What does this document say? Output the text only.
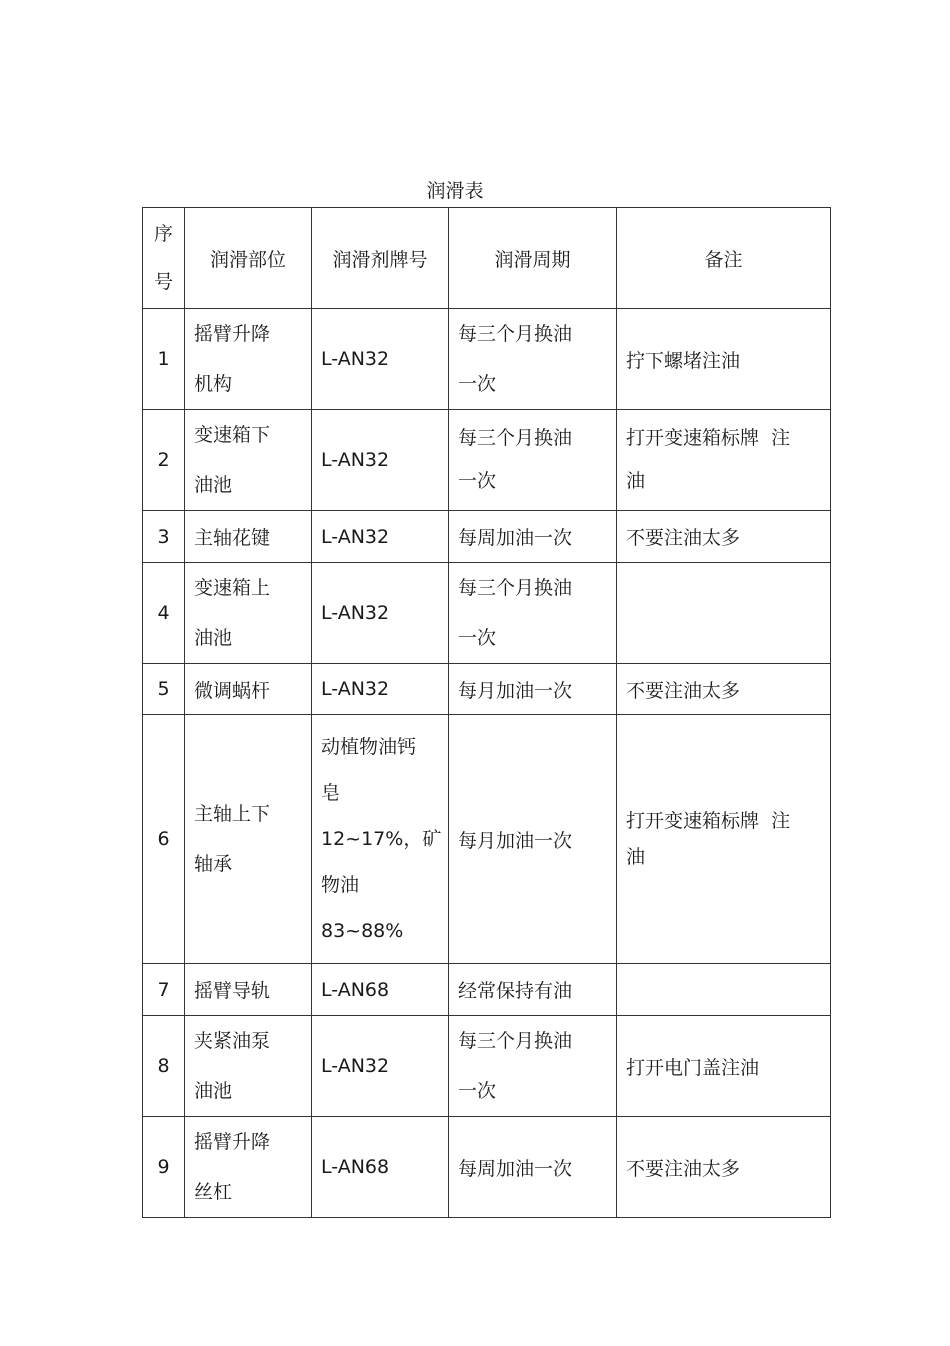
润滑表
序
号	润滑部位	润滑剂牌号	润滑周期	备注
1	摇臂升降
机构	L-AN32	每三个月换油
一次	拧下螺堵注油
2	变速箱下
油池	L-AN32	每三个月换油
一次	打开变速箱标牌  注
油

3	主轴花键	L-AN32	每周加油一次	不要注油太多
4	变速箱上
油池	L-AN32	每三个月换油
一次	

5	微调蜗杆	L-AN32	每月加油一次	不要注油太多
6	主轴上下
轴承	动植物油钙
皂
12~17%，矿
物油
83~88%	每月加油一次	打开变速箱标牌  注
油

7	摇臂导轨	L-AN68	经常保持有油	
8	夹紧油泵
油池	L-AN32	每三个月换油
一次	打开电门盖注油
9	摇臂升降
丝杠	L-AN68	每周加油一次	不要注油太多
